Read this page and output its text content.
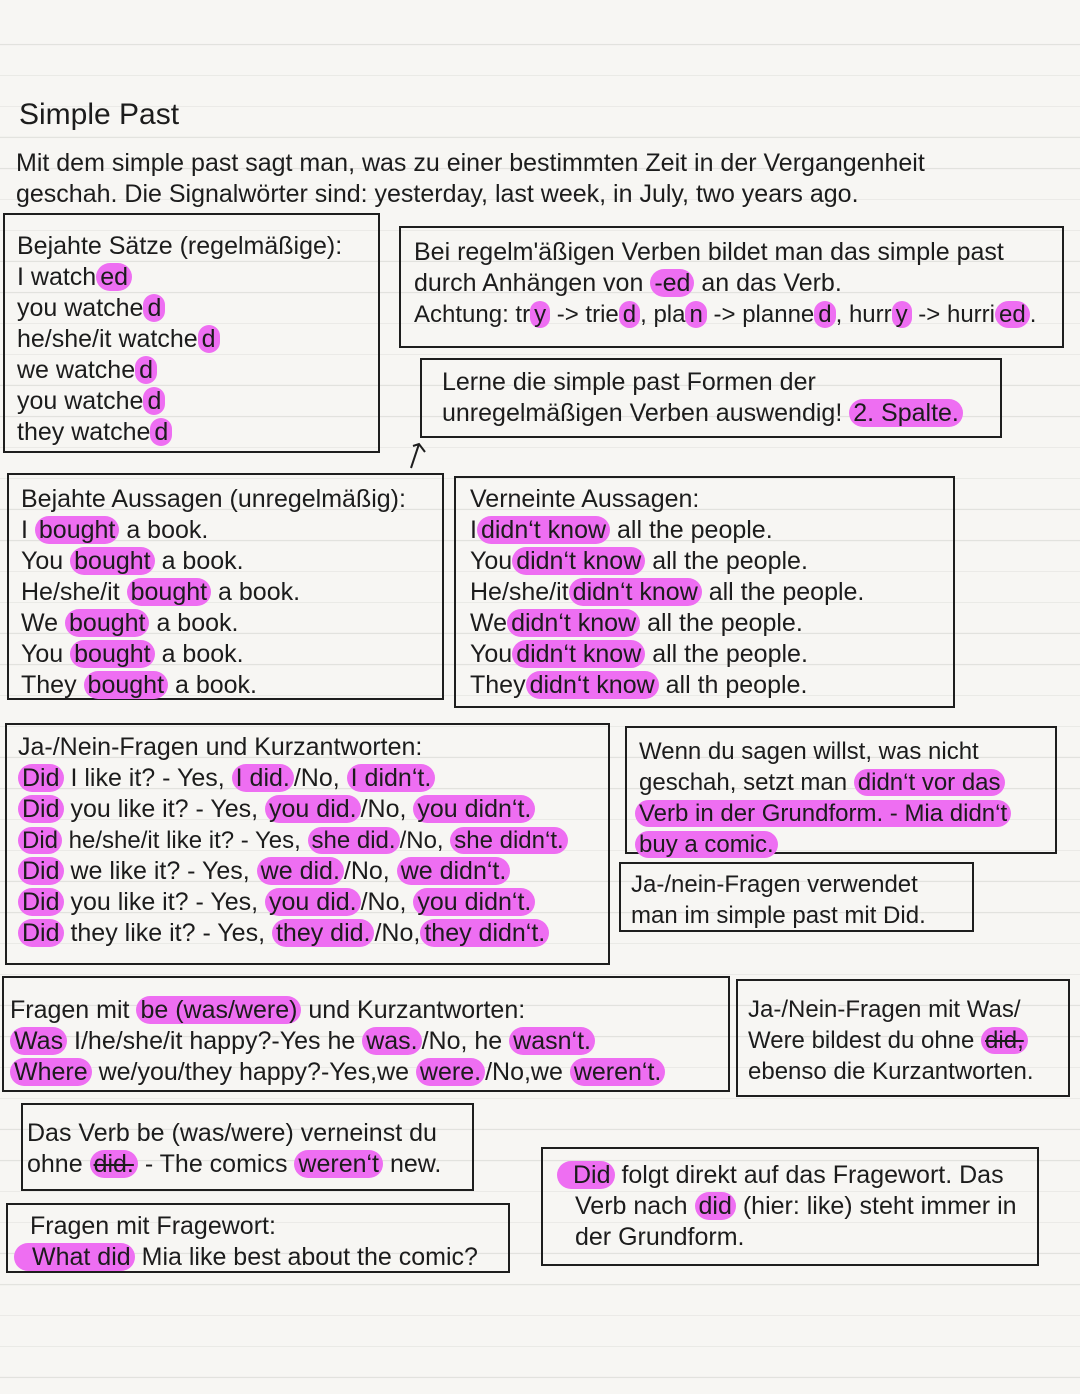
Simple Past
Mit dem simple past sagt man, was zu einer bestimmten Zeit in der Vergangenheit
geschah. Die Signalwörter sind: yesterday, last week, in July, two years ago.
Bejahte Sätze (regelmäßige):
I watch ed
you watche d
he/she/it watche d
we watche d
you watche d
they watche d
Bei regelm'äßigen Verben bildet man das simple past
durch Anhängen von -ed an das Verb.
Achtung: tr y -> trie d , pla n -> planne d , hurr y -> hurri ed .
Lerne die simple past Formen der
unregelmäßigen Verben auswendig! 2. Spalte.
Bejahte Aussagen (unregelmäßig):
I bought a book.
You bought a book.
He/she/it bought a book.
We bought a book.
You bought a book.
They bought a book.
Verneinte Aussagen:
I didn‘t know all the people.
You didn‘t know all the people.
He/she/it didn‘t know all the people.
We didn‘t know all the people.
You didn‘t know all the people.
They didn‘t know all th people.
Ja-/Nein-Fragen und Kurzantworten:
Did I like it? - Yes, I did. /No, I didn‘t.
Did you like it? - Yes, you did. /No, you didn‘t.
Did he/she/it like it? - Yes, she did. /No, she didn‘t.
Did we like it? - Yes, we did. /No, we didn‘t.
Did you like it? - Yes, you did. /No, you didn‘t.
Did they like it? - Yes, they did. /No, they didn‘t.
Wenn du sagen willst, was nicht
geschah, setzt man didn‘t vor das
Verb in der Grundform. - Mia didn‘t
buy a comic.
Ja-/nein-Fragen verwendet
man im simple past mit Did.
Fragen mit be (was/were) und Kurzantworten:
Was I/he/she/it happy?-Yes he was. /No, he wasn‘t.
Where we/you/they happy?-Yes,we were. /No,we weren‘t.
Ja-/Nein-Fragen mit Was/
Were bildest du ohne did,
ebenso die Kurzantworten.
Das Verb be (was/were) verneinst du
ohne did. - The comics weren‘t new.
Fragen mit Fragewort:
What did Mia like best about the comic?
Did folgt direkt auf das Fragewort. Das
Verb nach did (hier: like) steht immer in
der Grundform.
